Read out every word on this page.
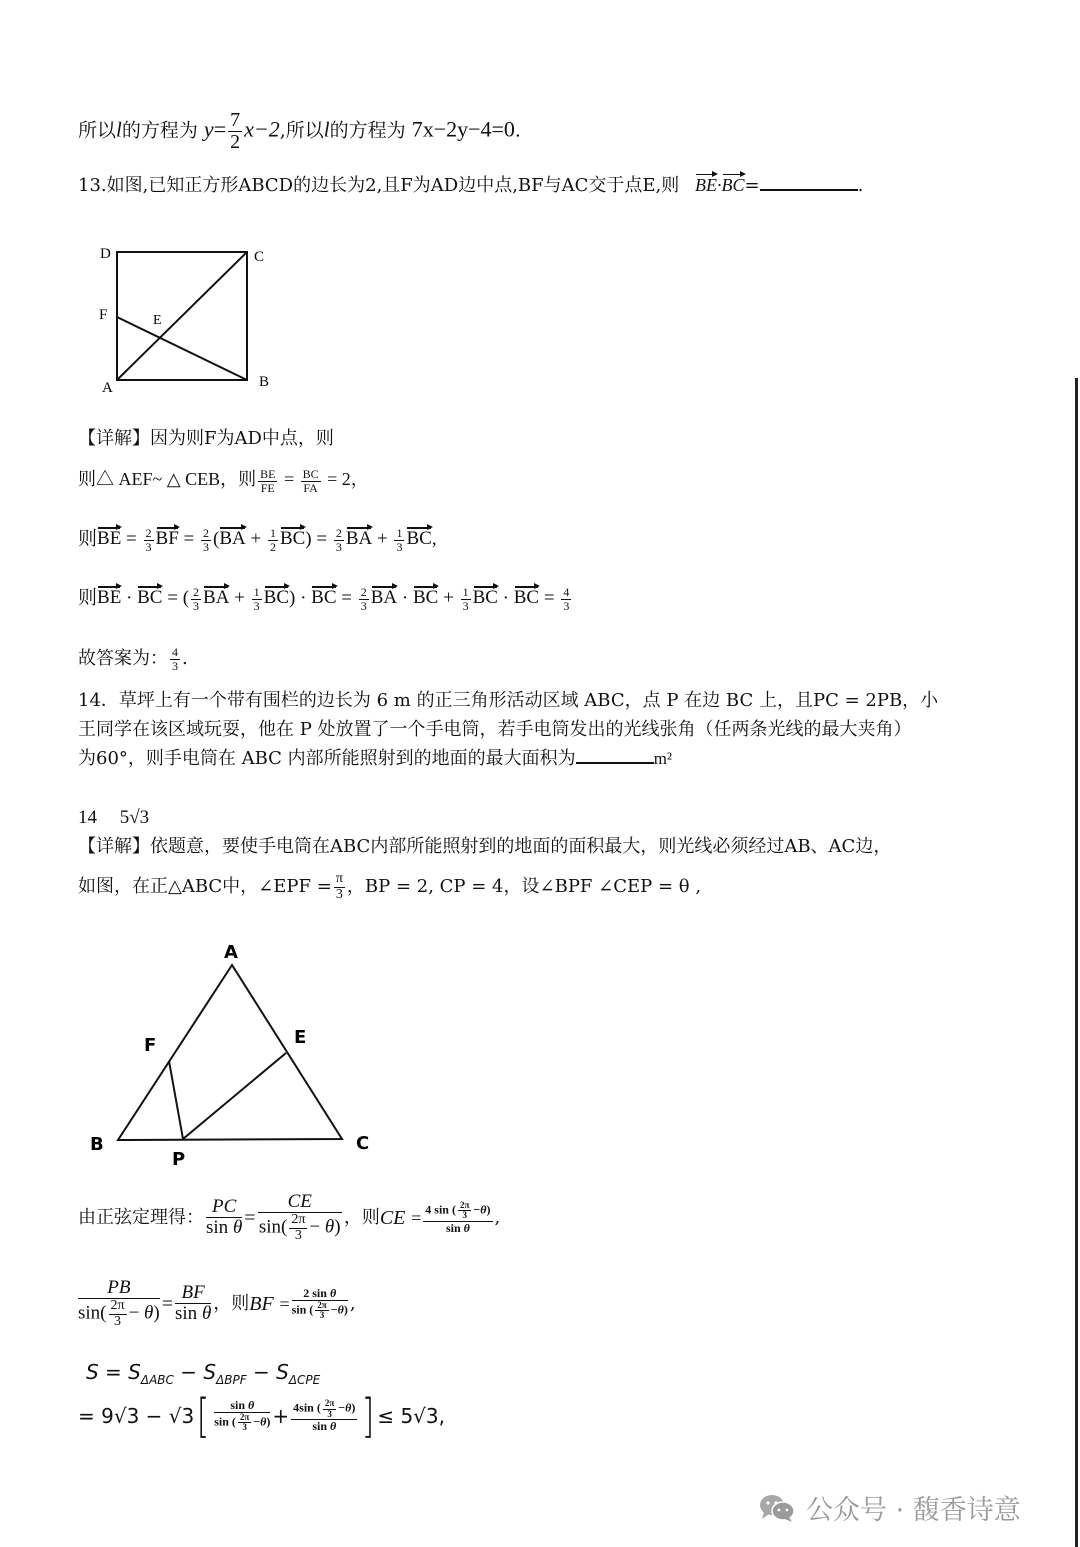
所以l的方程为 $y= \frac{7}{2} x-2$,所以l的方程为 7x−2y−4=0.
13.如图,已知正方形ABCD的边长为2,且F为AD边中点,BF与AC交于点E,则 BE·BC=	.
D	C
F	E
A	B
【详解】因为则F为AD中点，则
则△ AEF~ △ CEB，则 $\frac{BE}{FE} = \frac{BC}{FA} = 2$，
则BE = $\frac{2}{3}$ BF = $\frac{2}{3} (BA + \frac{1}{2} BC) = \frac{2}{3}$ BA + $\frac{1}{3}$ BC,
则BE · BC = ( $\frac{2}{3}$ BA + $\frac{1}{3} BC$) · BC = $\frac{2}{3}$ BA · BC + $\frac{1}{3}$ BC · BC = $\frac{4}{3}$
故答案为： $\frac{4}{3}$ .
14．草坪上有一个带有围栏的边长为 6 m 的正三角形活动区域 ABC，点 P 在边 BC 上，且PC = 2PB，小
王同学在该区域玩耍，他在 P 处放置了一个手电筒，若手电筒发出的光线张角（任两条光线的最大夹角）
为60°，则手电筒在 ABC 内部所能照射到的地面的最大面积为	m²
14 5√3
【详解】依题意，要使手电筒在ABC内部所能照射到的地面的面积最大，则光线必须经过AB、AC边，
如图，在正△ABC中，∠EPF = $\frac{\pi}{3}$ ，BP = 2, CP = 4，设∠BPF ∠CEP = θ ,
A
F	E
B
P
C
由正弦定理得： $\frac{PC}{\text{sin θ}} = \frac{CE}{\sin( \frac{2\pi}{3} - \theta)}$ ，则 CE
= $\frac{4 \sin ( \frac{2\pi}{3} -\theta)}{\text{sin θ}}$ ,
$\frac{PB}{\sin( \frac{2\pi}{3} - \theta)} = \frac{BF}{\text{sin θ}}$ ，则 BF
= $\frac{\text{2 sin θ}}{\sin ( \frac{2\pi}{3} -\theta)}$ ,
$S = S_{\Delta ABC} - S_{\Delta BPF} - S_{\Delta CPE}$
= 9√3 − √3 [ $\frac{\text{sin θ}}{\sin ( \frac{2\pi}{3} -\theta)} + \frac{4\sin ( \frac{2\pi}{3} -\theta)}{\text{sin θ}}$ ] ≤ 5√3,
公众号 · 馥香诗意
